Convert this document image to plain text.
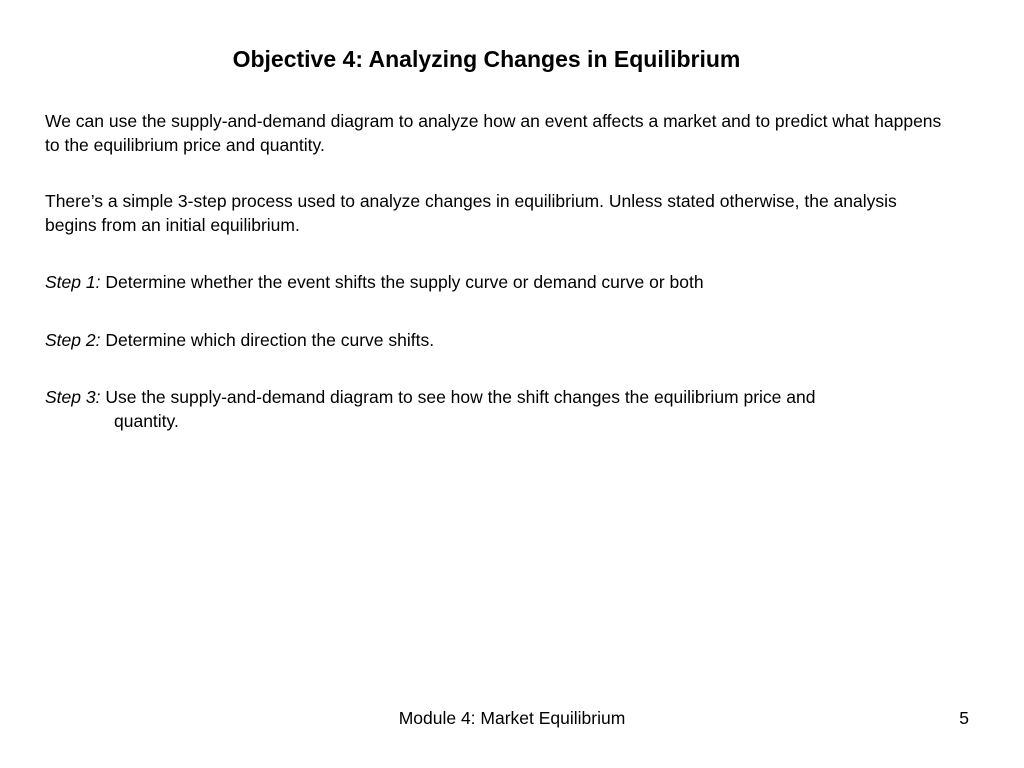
Objective 4: Analyzing Changes in Equilibrium

We can use the supply-and-demand diagram to analyze how an event affects a market and to predict what happens to the equilibrium price and quantity.

There’s a simple 3-step process used to analyze changes in equilibrium. Unless stated otherwise, the analysis begins from an initial equilibrium.

Step 1: Determine whether the event shifts the supply curve or demand curve or both

Step 2: Determine which direction the curve shifts.

Step 3: Use the supply-and-demand diagram to see how the shift changes the equilibrium price and
quantity.

Module 4: Market Equilibrium	5
